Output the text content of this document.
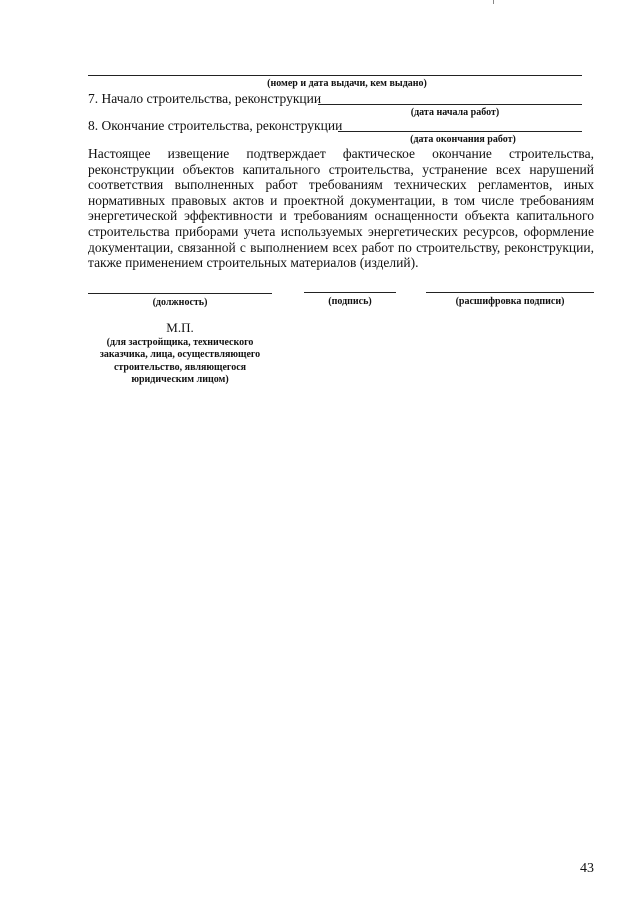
(номер и дата выдачи, кем выдано)
7. Начало строительства, реконструкции
(дата начала работ)
8. Окончание строительства, реконструкции
(дата окончания работ)
Настоящее извещение подтверждает фактическое окончание строительства,
реконструкции объектов капитального строительства, устранение всех нарушений
соответствия выполненных работ требованиям технических регламентов, иных
нормативных правовых актов и проектной документации, в том числе требованиям
энергетической эффективности и требованиям оснащенности объекта капитального
строительства приборами учета используемых энергетических ресурсов, оформление
документации, связанной с выполнением всех работ по строительству, реконструкции,
также применением строительных материалов (изделий).
(должность)	(подпись)	(расшифровка подписи)
М.П.
(для застройщика, технического
заказчика, лица, осуществляющего
строительство, являющегося
юридическим лицом)
43
